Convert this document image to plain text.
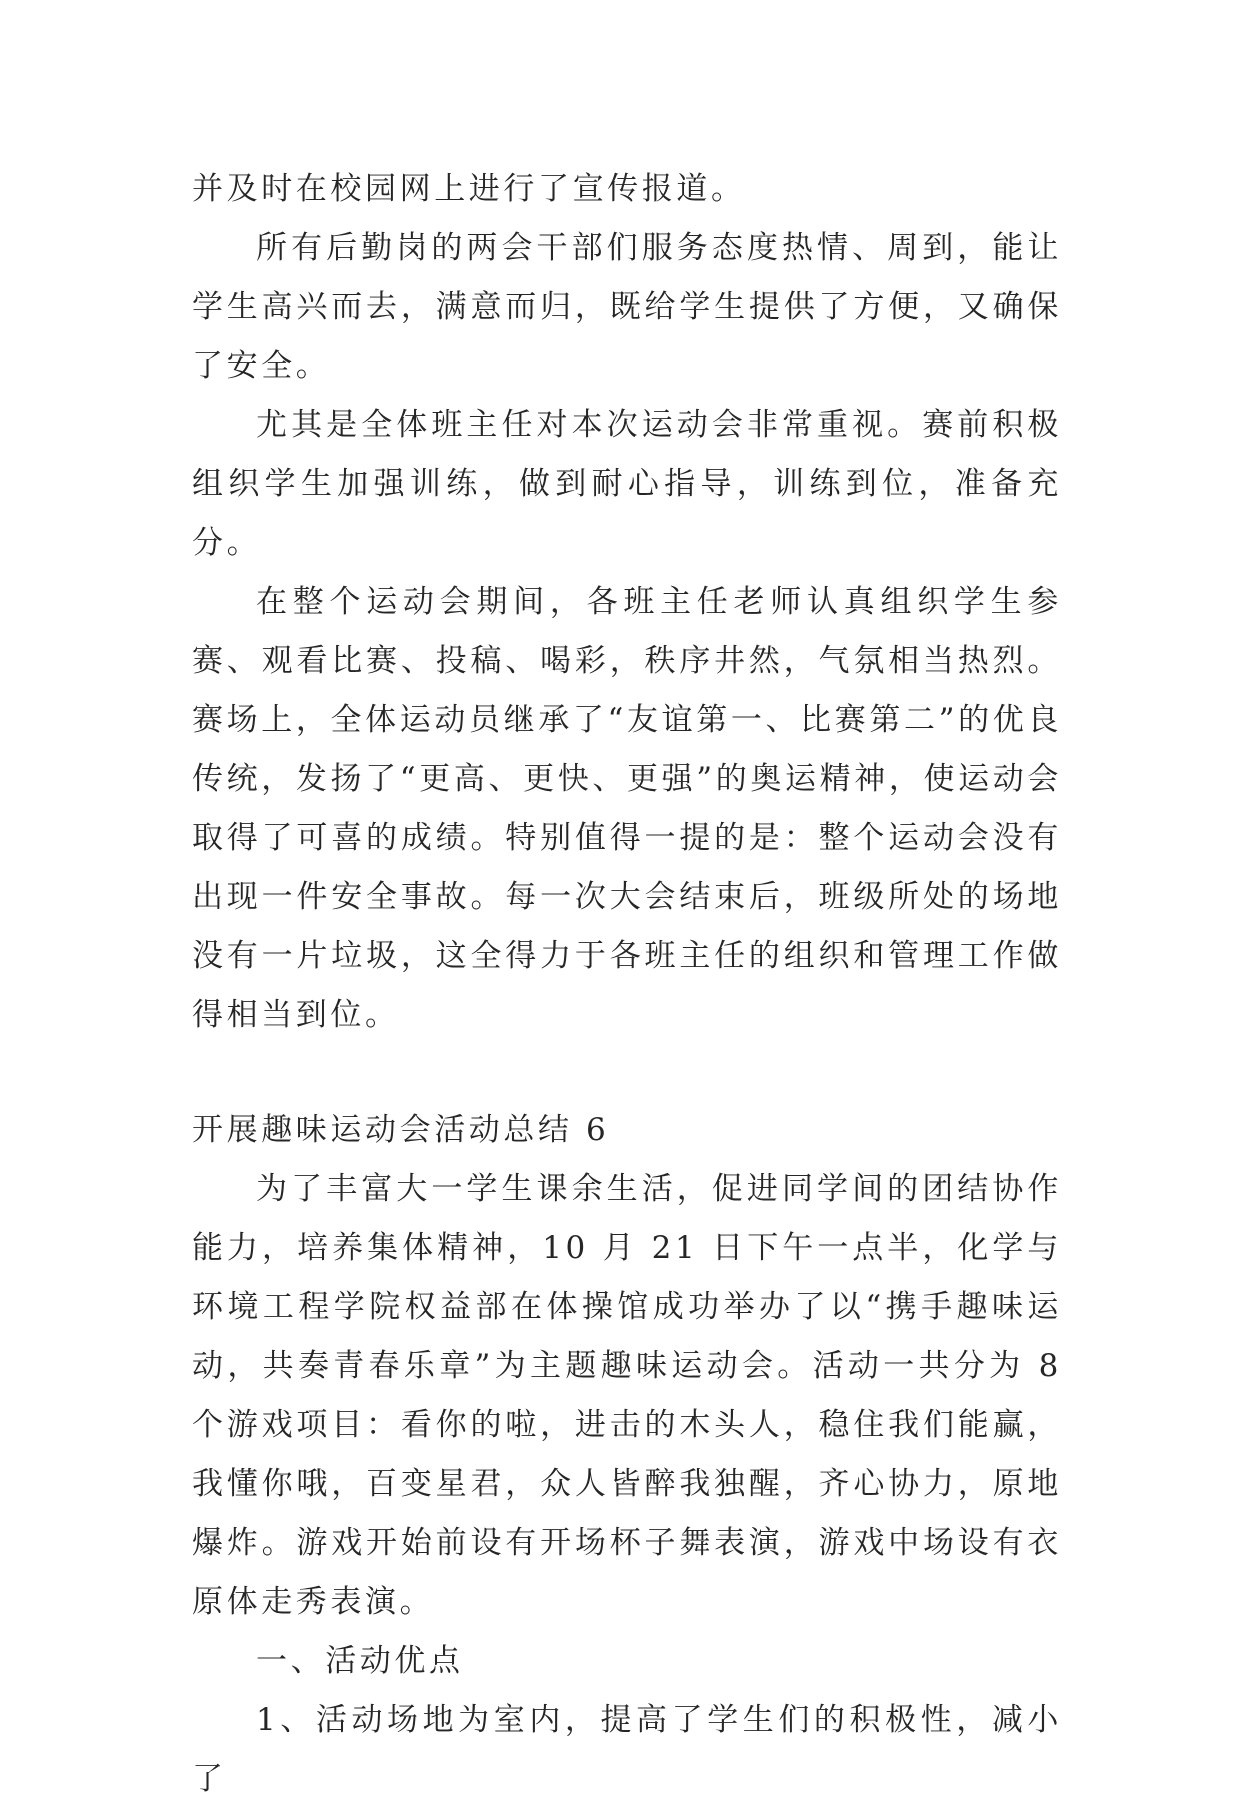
并及时在校园网上进行了宣传报道。

所有后勤岗的两会干部们服务态度热情、周到，能让学生高兴而去，满意而归，既给学生提供了方便，又确保了安全。

尤其是全体班主任对本次运动会非常重视。赛前积极组织学生加强训练，做到耐心指导，训练到位，准备充分。

在整个运动会期间，各班主任老师认真组织学生参赛、观看比赛、投稿、喝彩，秩序井然，气氛相当热烈。赛场上，全体运动员继承了“友谊第一、比赛第二”的优良传统，发扬了“更高、更快、更强”的奥运精神，使运动会取得了可喜的成绩。特别值得一提的是：整个运动会没有出现一件安全事故。每一次大会结束后，班级所处的场地没有一片垃圾，这全得力于各班主任的组织和管理工作做得相当到位。

开展趣味运动会活动总结 6

为了丰富大一学生课余生活，促进同学间的团结协作能力，培养集体精神，10 月 21 日下午一点半，化学与环境工程学院权益部在体操馆成功举办了以“携手趣味运动，共奏青春乐章”为主题趣味运动会。活动一共分为 8 个游戏项目：看你的啦，进击的木头人，稳住我们能赢，我懂你哦，百变星君，众人皆醉我独醒，齐心协力，原地爆炸。游戏开始前设有开场杯子舞表演，游戏中场设有衣原体走秀表演。

一、活动优点

1、活动场地为室内，提高了学生们的积极性，减小了
